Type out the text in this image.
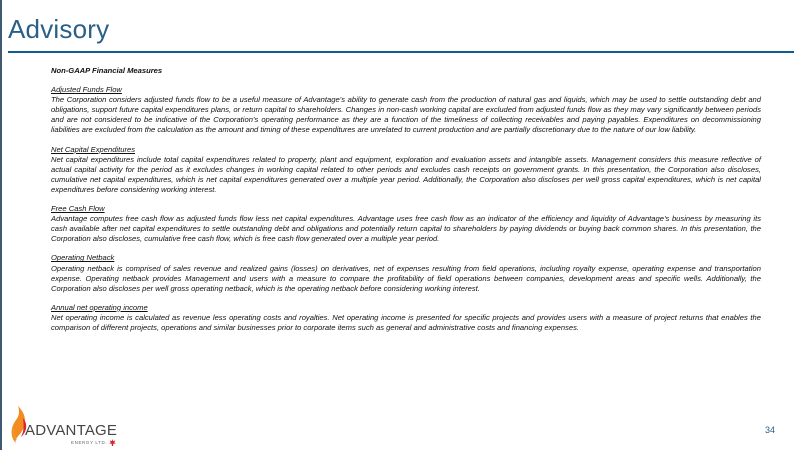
Advisory
Non-GAAP Financial Measures
Adjusted Funds Flow
The Corporation considers adjusted funds flow to be a useful measure of Advantage’s ability to generate cash from the production of natural gas and liquids, which may be used to settle outstanding debt and obligations, support future capital expenditures plans, or return capital to shareholders. Changes in non-cash working capital are excluded from adjusted funds flow as they may vary significantly between periods and are not considered to be indicative of the Corporation’s operating performance as they are a function of the timeliness of collecting receivables and paying payables. Expenditures on decommissioning liabilities are excluded from the calculation as the amount and timing of these expenditures are unrelated to current production and are partially discretionary due to the nature of our low liability.
Net Capital Expenditures
Net capital expenditures include total capital expenditures related to property, plant and equipment, exploration and evaluation assets and intangible assets. Management considers this measure reflective of actual capital activity for the period as it excludes changes in working capital related to other periods and excludes cash receipts on government grants. In this presentation, the Corporation also discloses, cumulative net capital expenditures, which is net capital expenditures generated over a multiple year period. Additionally, the Corporation also discloses per well gross capital expenditures, which is net capital expenditures before considering working interest.
Free Cash Flow
Advantage computes free cash flow as adjusted funds flow less net capital expenditures. Advantage uses free cash flow as an indicator of the efficiency and liquidity of Advantage’s business by measuring its cash available after net capital expenditures to settle outstanding debt and obligations and potentially return capital to shareholders by paying dividends or buying back common shares. In this presentation, the Corporation also discloses, cumulative free cash flow, which is free cash flow generated over a multiple year period.
Operating Netback
Operating netback is comprised of sales revenue and realized gains (losses) on derivatives, net of expenses resulting from field operations, including royalty expense, operating expense and transportation expense. Operating netback provides Management and users with a measure to compare the profitability of field operations between companies, development areas and specific wells. Additionally, the Corporation also discloses per well gross operating netback, which is the operating netback before considering working interest.
Annual net operating income
Net operating income is calculated as revenue less operating costs and royalties. Net operating income is presented for specific projects and provides users with a measure of project returns that enables the comparison of different projects, operations and similar businesses prior to corporate items such as general and administrative costs and financing expenses.
34
ADVANTAGE
ENERGY LTD.
